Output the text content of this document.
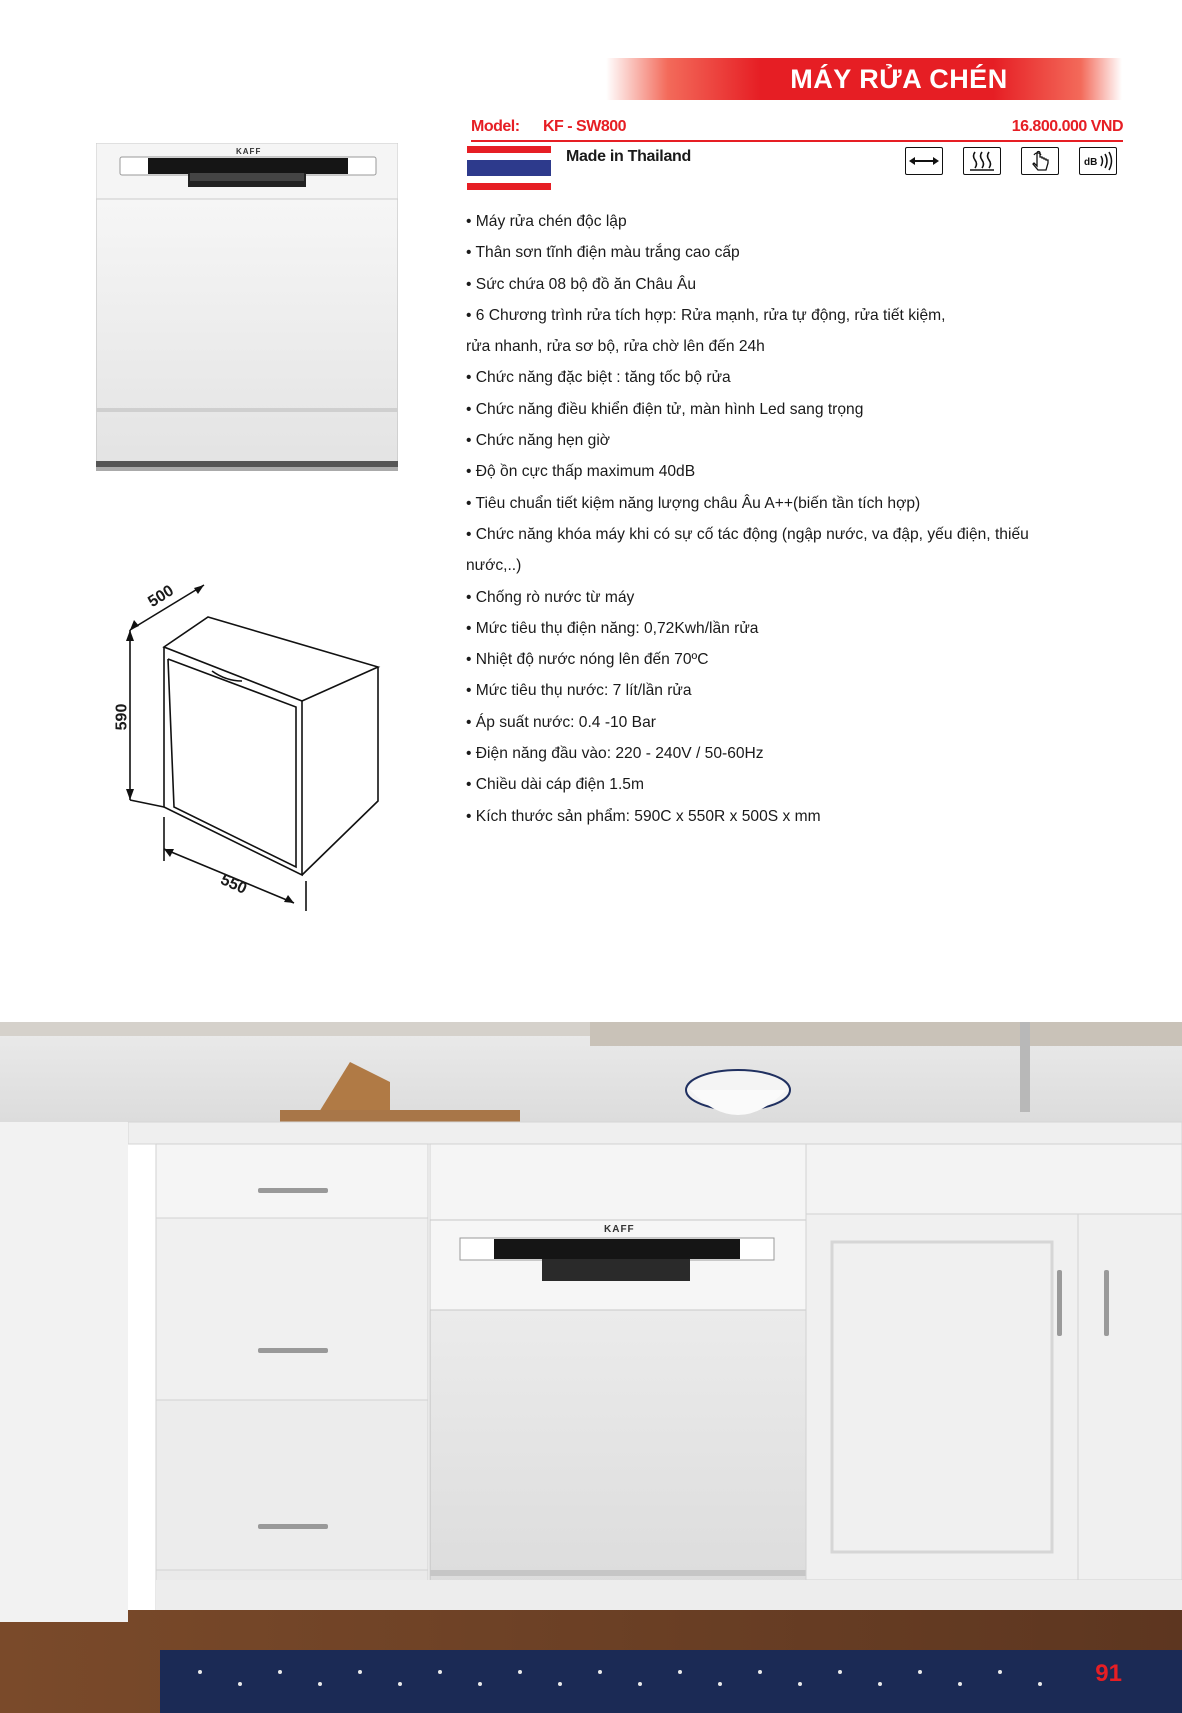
MÁY RỬA CHÉN
Model: KF - SW800	16.800.000 VND
Made in Thailand	dB
• Máy rửa chén độc lập
• Thân sơn tĩnh điện màu trắng cao cấp
• Sức chứa 08 bộ đồ ăn Châu Âu
• 6 Chương trình rửa tích hợp: Rửa mạnh, rửa tự động, rửa tiết kiệm,
rửa nhanh, rửa sơ bộ, rửa chờ lên đến 24h
• Chức năng đặc biệt : tăng tốc bộ rửa
• Chức năng điều khiển điện tử, màn hình Led sang trọng
• Chức năng hẹn giờ
• Độ ồn cực thấp maximum 40dB
• Tiêu chuẩn tiết kiệm năng lượng châu Âu A++(biến tần tích hợp)
• Chức năng khóa máy khi có sự cố tác động (ngập nước, va đập, yếu điện, thiếu
nước,..)
• Chống rò nước từ máy
• Mức tiêu thụ điện năng: 0,72Kwh/lần rửa
• Nhiệt độ nước nóng lên đến 70ºC
• Mức tiêu thụ nước: 7 lít/lần rửa
• Áp suất nước: 0.4 -10 Bar
• Điện năng đầu vào: 220 - 240V / 50-60Hz
• Chiều dài cáp điện 1.5m
• Kích thước sản phẩm: 590C x 550R x 500S x mm
KAFF
500
590
550
KAFF
91
